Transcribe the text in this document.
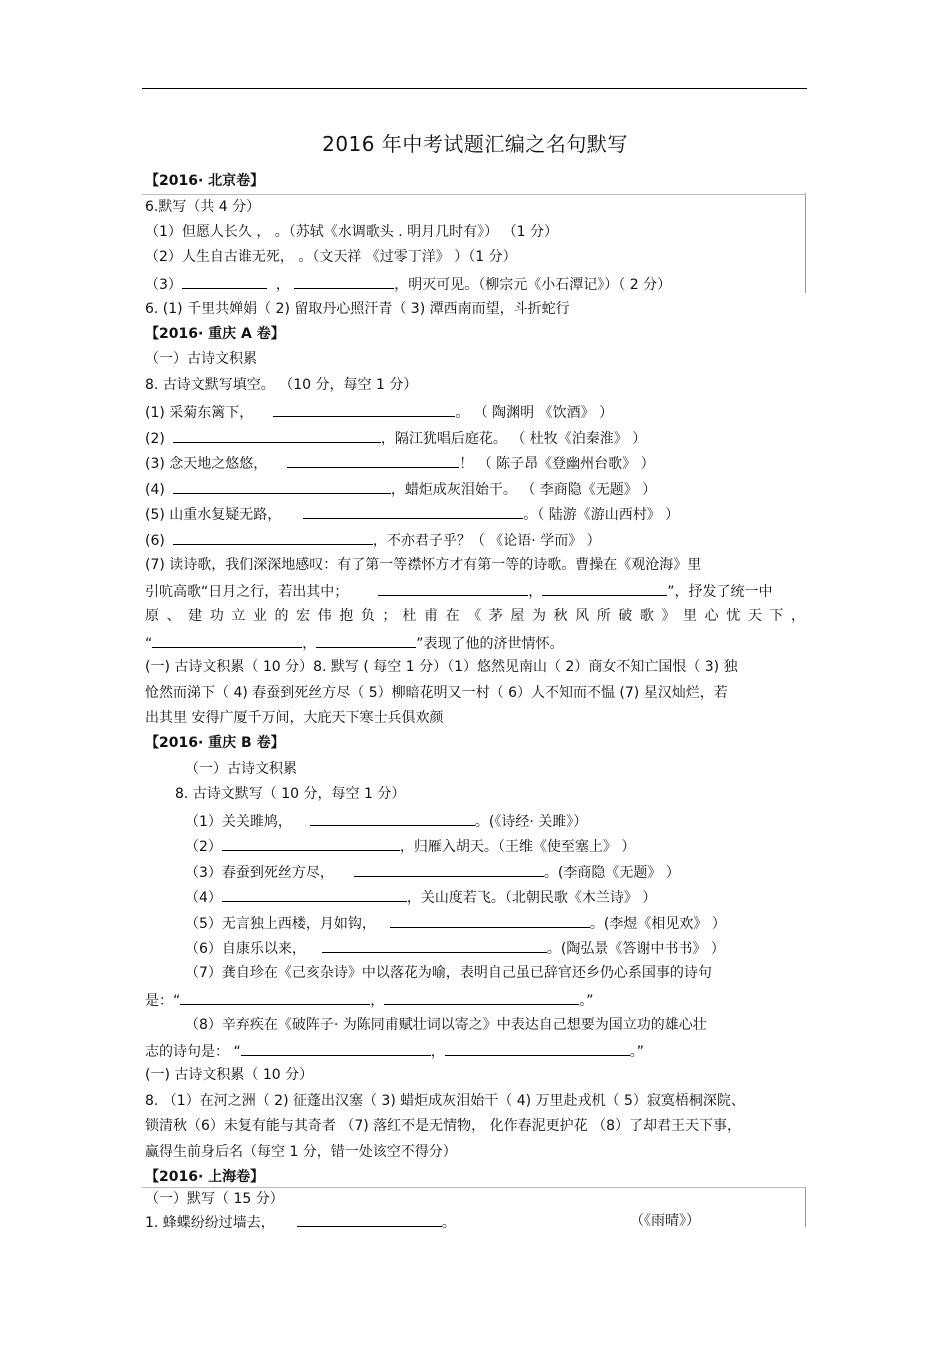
2016 年中考试题汇编之名句默写
【2016· 北京卷】
6.默写（共 4 分）
（1）但愿人长久 ， 。（苏轼《水调歌头 . 明月几时有》） （1 分）
（2）人生自古谁无死， 。（文天祥 《过零丁洋》 ）（1 分）
（3）	，	，明灭可见。（柳宗元《小石潭记》）（ 2 分）
6. (1) 千里共婵娟（ 2) 留取丹心照汗青（ 3) 潭西南而望，斗折蛇行
【2016· 重庆 A 卷】
（一）古诗文积累
8. 古诗文默写填空。 （10 分，每空 1 分）
(1) 采菊东篱下，	。 （ 陶渊明 《饮酒》 ）
(2)	，隔江犹唱后庭花。 （ 杜牧《泊秦淮》 ）
(3) 念天地之悠悠，	！ （ 陈子昂《登幽州台歌》 ）
(4)	，蜡炬成灰泪始干。 （ 李商隐《无题》 ）
(5) 山重水复疑无路，	。（ 陆游《游山西村》 ）
(6)	，不亦君子乎？（ 《论语· 学而》 ）
(7) 读诗歌，我们深深地感叹：有了第一等襟怀方才有第一等的诗歌。曹操在《观沧海》里
引吭高歌“日月之行，若出其中；	，	”，抒发了统一中
原 、 建 功 立 业 的 宏 伟 抱 负 ； 杜 甫 在 《 茅 屋 为 秋 风 所 破 歌 》 里 心 忧 天 下 ，
“	，	”表现了他的济世情怀。
(一) 古诗文积累（ 10 分）8. 默写 ( 每空 1 分）（1）悠然见南山（ 2）商女不知亡国恨（ 3) 独
怆然而涕下（ 4) 春蚕到死丝方尽（ 5）柳暗花明又一村（ 6）人不知而不愠 (7) 星汉灿烂，若
出其里 安得广厦千万间，大庇天下寒士兵俱欢颜
【2016· 重庆 B 卷】
（一）古诗文积累
8. 古诗文默写（ 10 分，每空 1 分）
（1）关关雎鸠，	。(《诗经· 关雎》）
（2）	，归雁入胡天。（王维《使至塞上》 ）
（3）春蚕到死丝方尽，	。(李商隐《无题》 ）
（4）	，关山度若飞。（北朝民歌《木兰诗》 ）
（5）无言独上西楼，月如钩，	。(李煜《相见欢》 ）
（6）自康乐以来，	。(陶弘景《答谢中书书》 ）
（7）龚自珍在《己亥杂诗》中以落花为喻，表明自己虽已辞官还乡仍心系国事的诗句
是：“	，	。”
（8）辛弃疾在《破阵子· 为陈同甫赋壮词以寄之》中表达自己想要为国立功的雄心壮
志的诗句是： “	，	。”
(一) 古诗文积累（ 10 分）
8. （1）在河之洲（ 2) 征蓬出汉塞（ 3) 蜡炬成灰泪始干（ 4) 万里赴戎机（ 5）寂寞梧桐深院、
锁清秋（6）未复有能与其奇者 （7) 落红不是无情物， 化作春泥更护花 （8）了却君王天下事，
赢得生前身后名（每空 1 分，错一处该空不得分）
【2016· 上海卷】
（一）默写（ 15 分）
1. 蜂蝶纷纷过墙去，	。	（《雨晴》）
